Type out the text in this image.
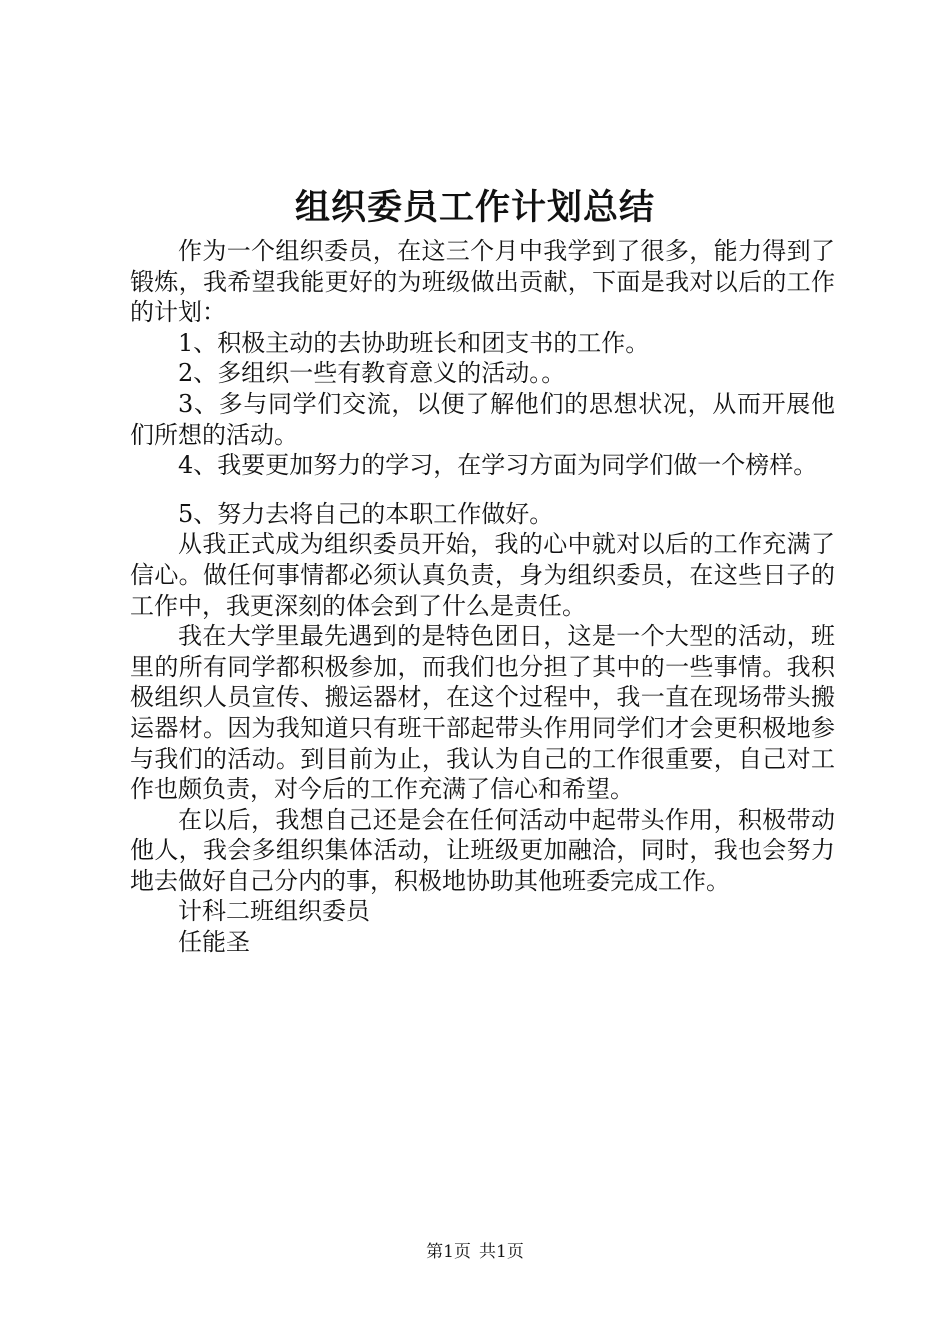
组织委员工作计划总结

作为一个组织委员，在这三个月中我学到了很多，能力得到了锻炼，我希望我能更好的为班级做出贡献，下面是我对以后的工作的计划：

1、积极主动的去协助班长和团支书的工作。

2、多组织一些有教育意义的活动。。

3、多与同学们交流，以便了解他们的思想状况，从而开展他们所想的活动。

4、我要更加努力的学习，在学习方面为同学们做一个榜样。

5、努力去将自己的本职工作做好。

从我正式成为组织委员开始，我的心中就对以后的工作充满了信心。做任何事情都必须认真负责，身为组织委员，在这些日子的工作中，我更深刻的体会到了什么是责任。

我在大学里最先遇到的是特色团日，这是一个大型的活动，班里的所有同学都积极参加，而我们也分担了其中的一些事情。我积极组织人员宣传、搬运器材，在这个过程中，我一直在现场带头搬运器材。因为我知道只有班干部起带头作用同学们才会更积极地参与我们的活动。到目前为止，我认为自己的工作很重要，自己对工作也颇负责，对今后的工作充满了信心和希望。

在以后，我想自己还是会在任何活动中起带头作用，积极带动他人，我会多组织集体活动，让班级更加融洽，同时，我也会努力地去做好自己分内的事，积极地协助其他班委完成工作。

计科二班组织委员

任能圣

第1页 共1页
